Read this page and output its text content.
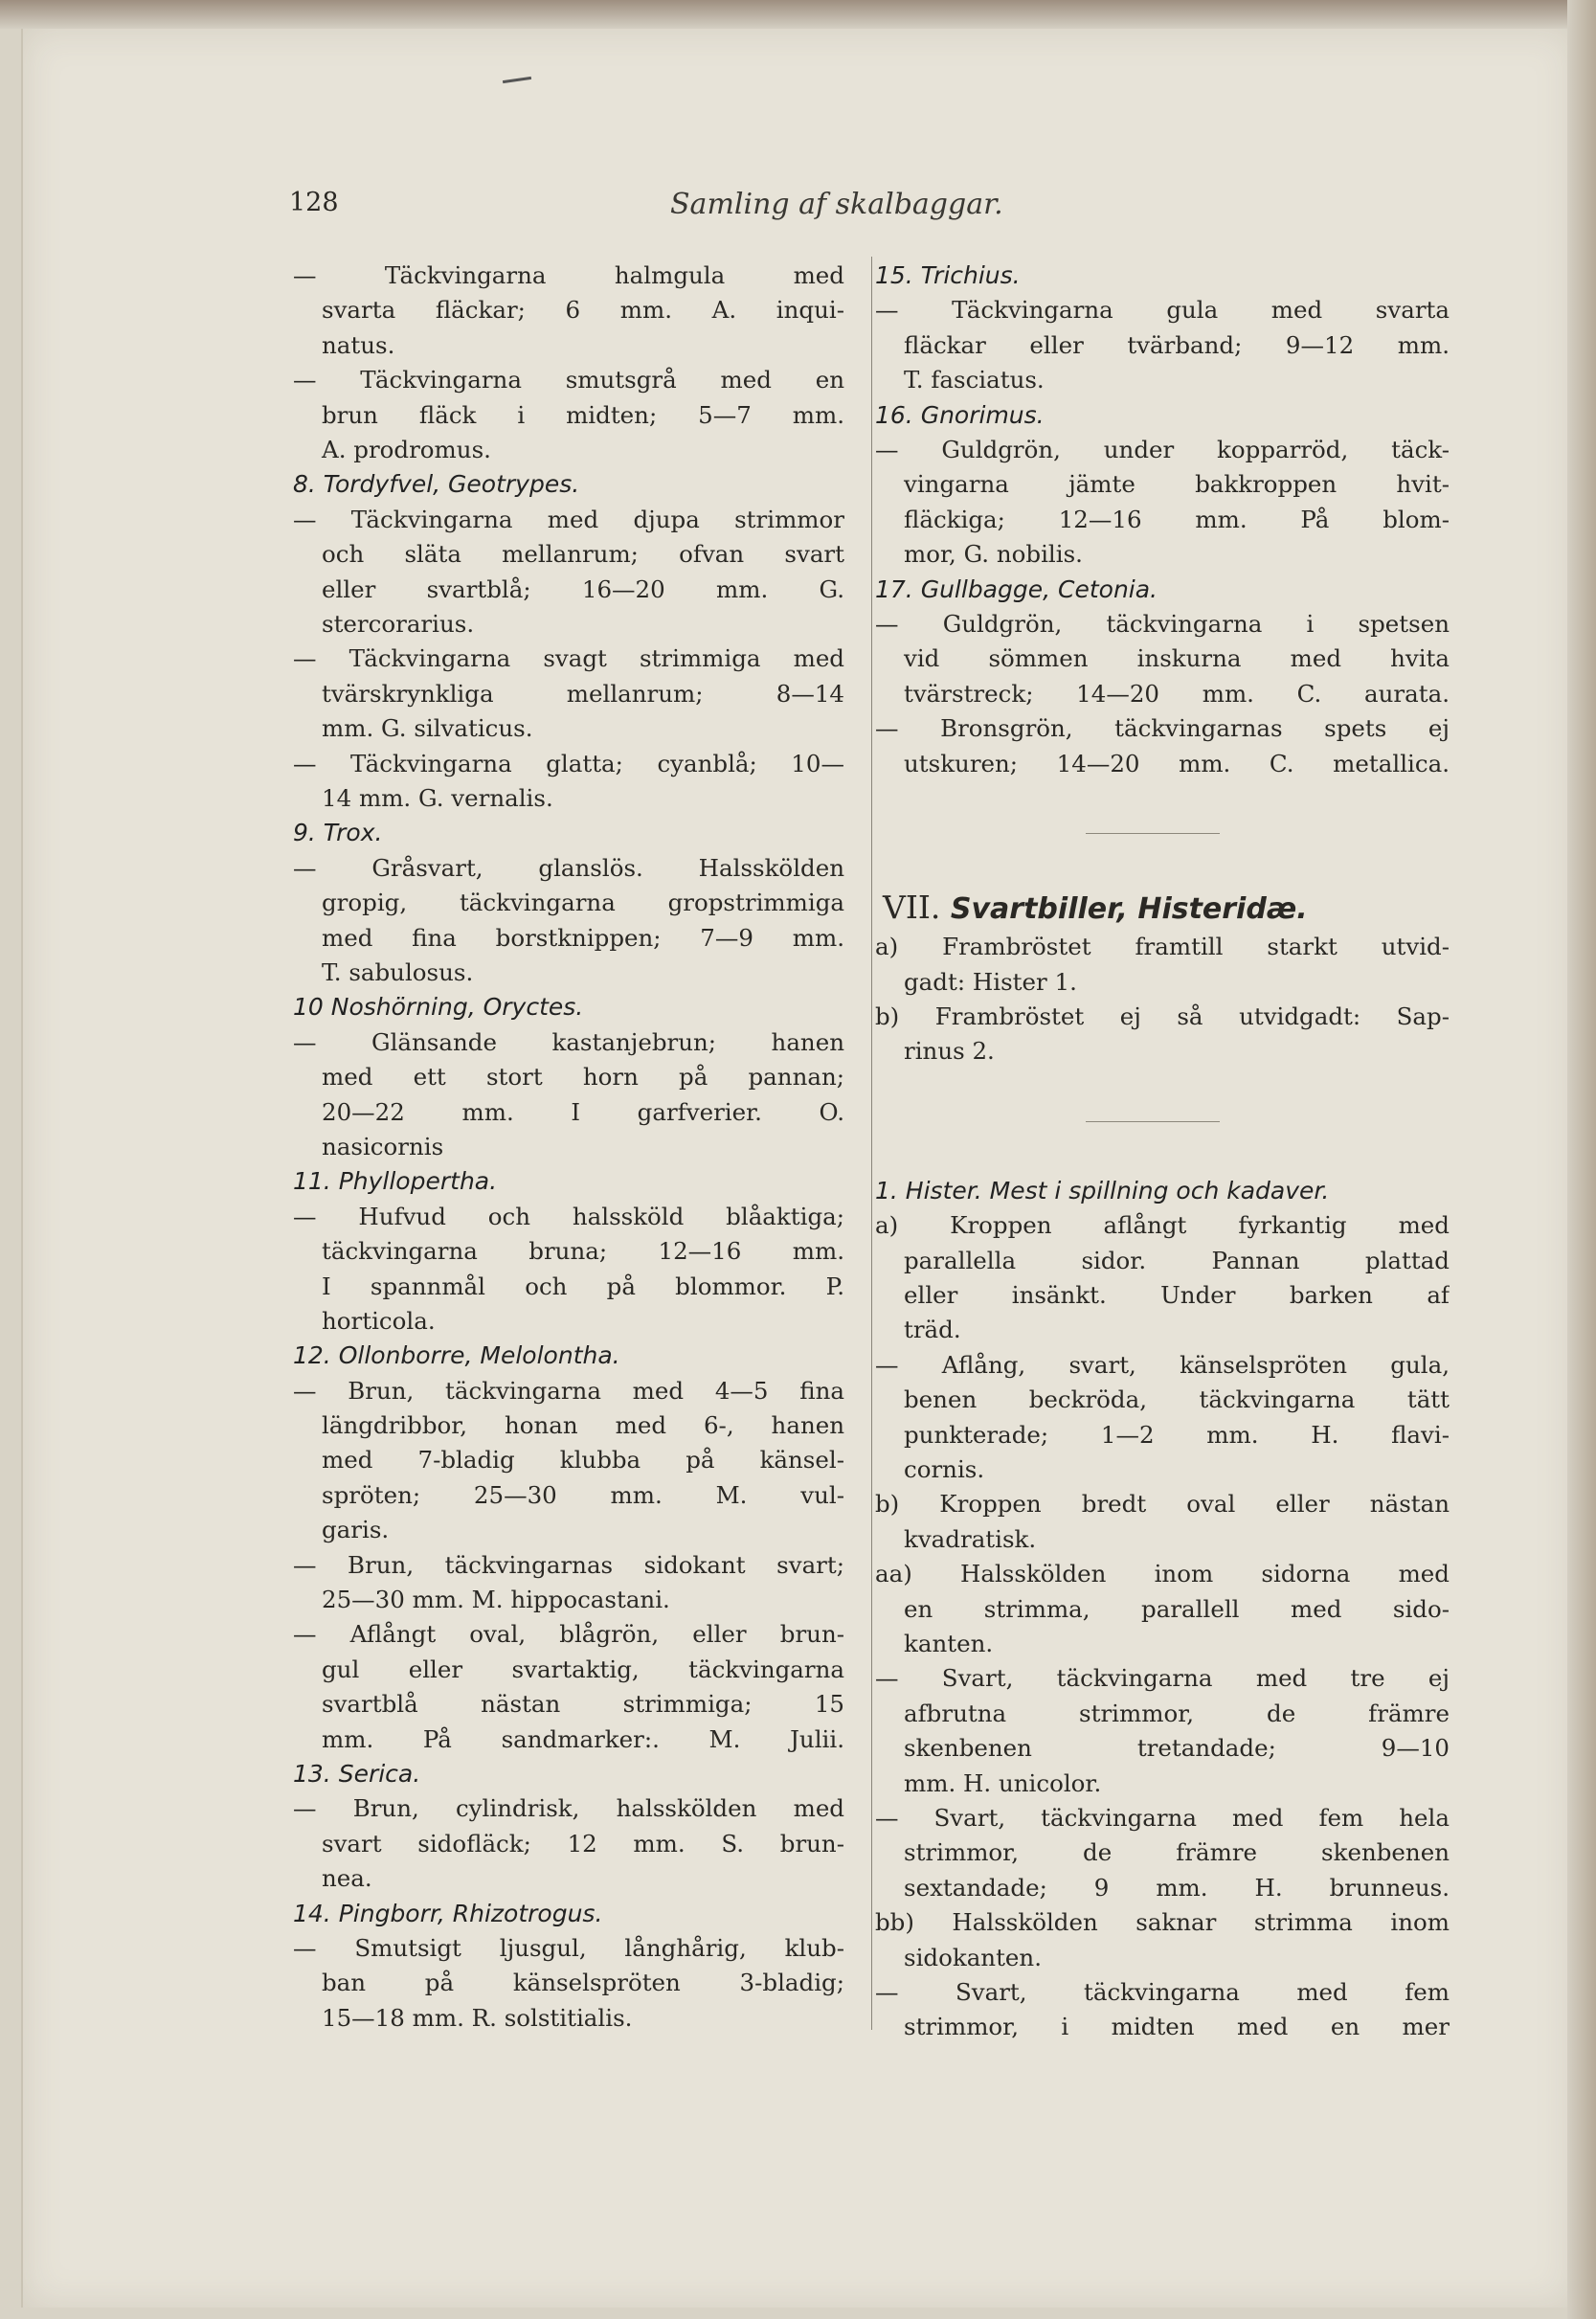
128	Samling af skalbaggar.
— Täckvingarna halmgula med
svarta fläckar; 6 mm. A. inqui-
natus.
— Täckvingarna smutsgrå med en
brun fläck i midten; 5—7 mm.
A. prodromus.
8. Tordyfvel, Geotrypes.
— Täckvingarna med djupa strimmor
och släta mellanrum; ofvan svart
eller svartblå; 16—20 mm. G.
stercorarius.
— Täckvingarna svagt strimmiga med
tvärskrynkliga mellanrum; 8—14
mm. G. silvaticus.
— Täckvingarna glatta; cyanblå; 10—
14 mm. G. vernalis.
9. Trox.
— Gråsvart, glanslös. Halsskölden
gropig, täckvingarna gropstrimmiga
med fina borstknippen; 7—9 mm.
T. sabulosus.
10 Noshörning, Oryctes.
— Glänsande kastanjebrun; hanen
med ett stort horn på pannan;
20—22 mm. I garfverier. O.
nasicornis
11. Phyllopertha.
— Hufvud och halssköld blåaktiga;
täckvingarna bruna; 12—16 mm.
I spannmål och på blommor. P.
horticola.
12. Ollonborre, Melolontha.
— Brun, täckvingarna med 4—5 fina
längdribbor, honan med 6-, hanen
med 7-bladig klubba på känsel-
spröten; 25—30 mm. M. vul-
garis.
— Brun, täckvingarnas sidokant svart;
25—30 mm. M. hippocastani.
— Aflångt oval, blågrön, eller brun-
gul eller svartaktig, täckvingarna
svartblå nästan strimmiga; 15
mm. På sandmarker:. M. Julii.
13. Serica.
— Brun, cylindrisk, halsskölden med
svart sidofläck; 12 mm. S. brun-
nea.
14. Pingborr, Rhizotrogus.
— Smutsigt ljusgul, långhårig, klub-
ban på känselspröten 3-bladig;
15—18 mm. R. solstitialis.
15. Trichius.
— Täckvingarna gula med svarta
fläckar eller tvärband; 9—12 mm.
T. fasciatus.
16. Gnorimus.
— Guldgrön, under kopparröd, täck-
vingarna jämte bakkroppen hvit-
fläckiga; 12—16 mm. På blom-
mor, G. nobilis.
17. Gullbagge, Cetonia.
— Guldgrön, täckvingarna i spetsen
vid sömmen inskurna med hvita
tvärstreck; 14—20 mm. C. aurata.
— Bronsgrön, täckvingarnas spets ej
utskuren; 14—20 mm. C. metallica.
VII. Svartbiller, Histeridæ.
a) Frambröstet framtill starkt utvid-
gadt: Hister 1.
b) Frambröstet ej så utvidgadt: Sap-
rinus 2.
1. Hister. Mest i spillning och kadaver.
a) Kroppen aflångt fyrkantig med
parallella sidor. Pannan plattad
eller insänkt. Under barken af
träd.
— Aflång, svart, känselspröten gula,
benen beckröda, täckvingarna tätt
punkterade; 1—2 mm. H. flavi-
cornis.
b) Kroppen bredt oval eller nästan
kvadratisk.
aa) Halsskölden inom sidorna med
en strimma, parallell med sido-
kanten.
— Svart, täckvingarna med tre ej
afbrutna strimmor, de främre
skenbenen tretandade; 9—10
mm. H. unicolor.
— Svart, täckvingarna med fem hela
strimmor, de främre skenbenen
sextandade; 9 mm. H. brunneus.
bb) Halsskölden saknar strimma inom
sidokanten.
— Svart, täckvingarna med fem
strimmor, i midten med en mer
